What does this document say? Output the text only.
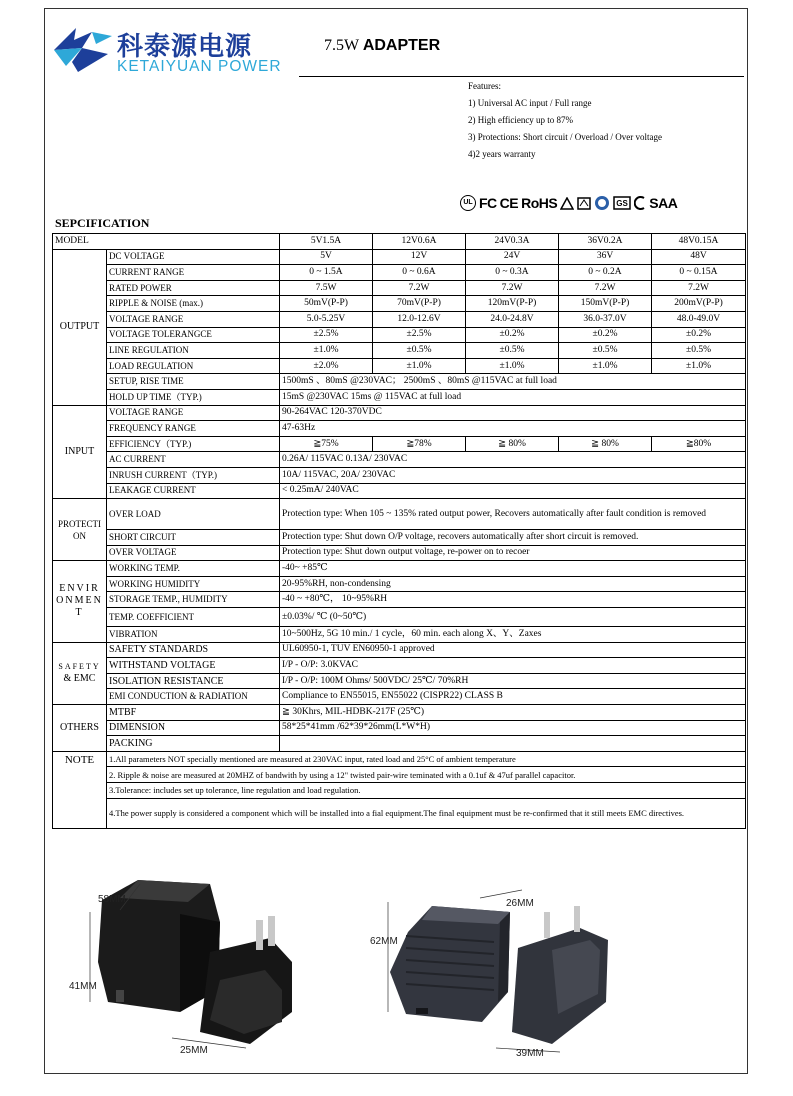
科泰源电源
KETAIYUAN POWER
7.5W ADAPTER
Features:
1) Universal AC input / Full range
2) High efficiency up to 87%
3) Protections: Short circuit / Overload / Over voltage
4)2 years warranty
UL FC CE RoHS	GS SAA
SEPCIFICATION
MODEL		5V1.5A	12V0.6A	24V0.3A	36V0.2A	48V0.15A
OUTPUT	DC VOLTAGE	5V	12V	24V	36V	48V
	CURRENT RANGE	0 ~ 1.5A	0 ~ 0.6A	0 ~ 0.3A	0 ~ 0.2A	0 ~ 0.15A
	RATED POWER	7.5W	7.2W	7.2W	7.2W	7.2W
	RIPPLE & NOISE (max.)	50mV(P-P)	70mV(P-P)	120mV(P-P)	150mV(P-P)	200mV(P-P)
	VOLTAGE RANGE	5.0-5.25V	12.0-12.6V	24.0-24.8V	36.0-37.0V	48.0-49.0V
	VOLTAGE TOLERANGCE	±2.5%	±2.5%	±0.2%	±0.2%	±0.2%
	LINE REGULATION	±1.0%	±0.5%	±0.5%	±0.5%	±0.5%
	LOAD REGULATION	±2.0%	±1.0%	±1.0%	±1.0%	±1.0%
	SETUP, RISE TIME	1500mS 、80mS @230VAC； 2500mS 、80mS @115VAC at full load				
	HOLD UP TIME（TYP.)	15mS @230VAC 15ms @ 115VAC at full load				
INPUT	VOLTAGE RANGE	90-264VAC 120-370VDC				
	FREQUENCY RANGE	47-63Hz				
	EFFICIENCY（TYP.)	≧75%	≧78%	≧ 80%	≧ 80%	≧80%
	AC CURRENT	0.26A/ 115VAC 0.13A/ 230VAC				
	INRUSH CURRENT（TYP.)	10A/ 115VAC, 20A/ 230VAC				
	LEAKAGE CURRENT	< 0.25mA/ 240VAC				
PROTECTION	OVER LOAD	Protection type: When 105 ~ 135% rated output power, Recovers automatically after fault condition is removed				
	SHORT CIRCUIT	Protection type: Shut down O/P voltage, recovers automatically after short circuit is removed.				
	OVER VOLTAGE	Protection type: Shut down output voltage, re-power on to recoer				
ENVIRONMENT	WORKING TEMP.	-40~ +85℃				
	WORKING HUMIDITY	20-95%RH, non-condensing				
	STORAGE TEMP., HUMIDITY	-40 ~ +80℃， 10~95%RH				
	TEMP. COEFFICIENT	±0.03%/ ℃ (0~50℃)				
	VIBRATION	10~500Hz, 5G 10 min./ 1 cycle，60 min. each along X、Y、Zaxes				
SAFETY
& EMC	SAFETY STANDARDS	UL60950-1, TUV EN60950-1 approved				
	WITHSTAND VOLTAGE	I/P - O/P: 3.0KVAC				
	ISOLATION RESISTANCE	I/P - O/P: 100M Ohms/ 500VDC/ 25℃/ 70%RH				
	EMI CONDUCTION & RADIATION	Compliance to EN55015, EN55022 (CISPR22) CLASS B				
OTHERS	MTBF	≧ 30Khrs, MIL-HDBK-217F (25℃)				
	DIMENSION	58*25*41mm /62*39*26mm(L*W*H)				
	PACKING					
NOTE	1.All parameters NOT specially mentioned are measured at 230VAC input, rated load and 25°C of ambient temperature					
	2. Ripple & noise are measured at 20MHZ of bandwith by using a 12" twisted pair-wire teminated with a 0.1uf & 47uf parallel capacitor.					
	3.Tolerance: includes set up tolerance, line regulation and load regulation.					
	4.The power supply is considered a component which will be installed into a fial equipment.The final equipment must be re-confirmed that it still meets EMC directives.					
58MM
41MM
25MM
62MM
26MM
39MM
